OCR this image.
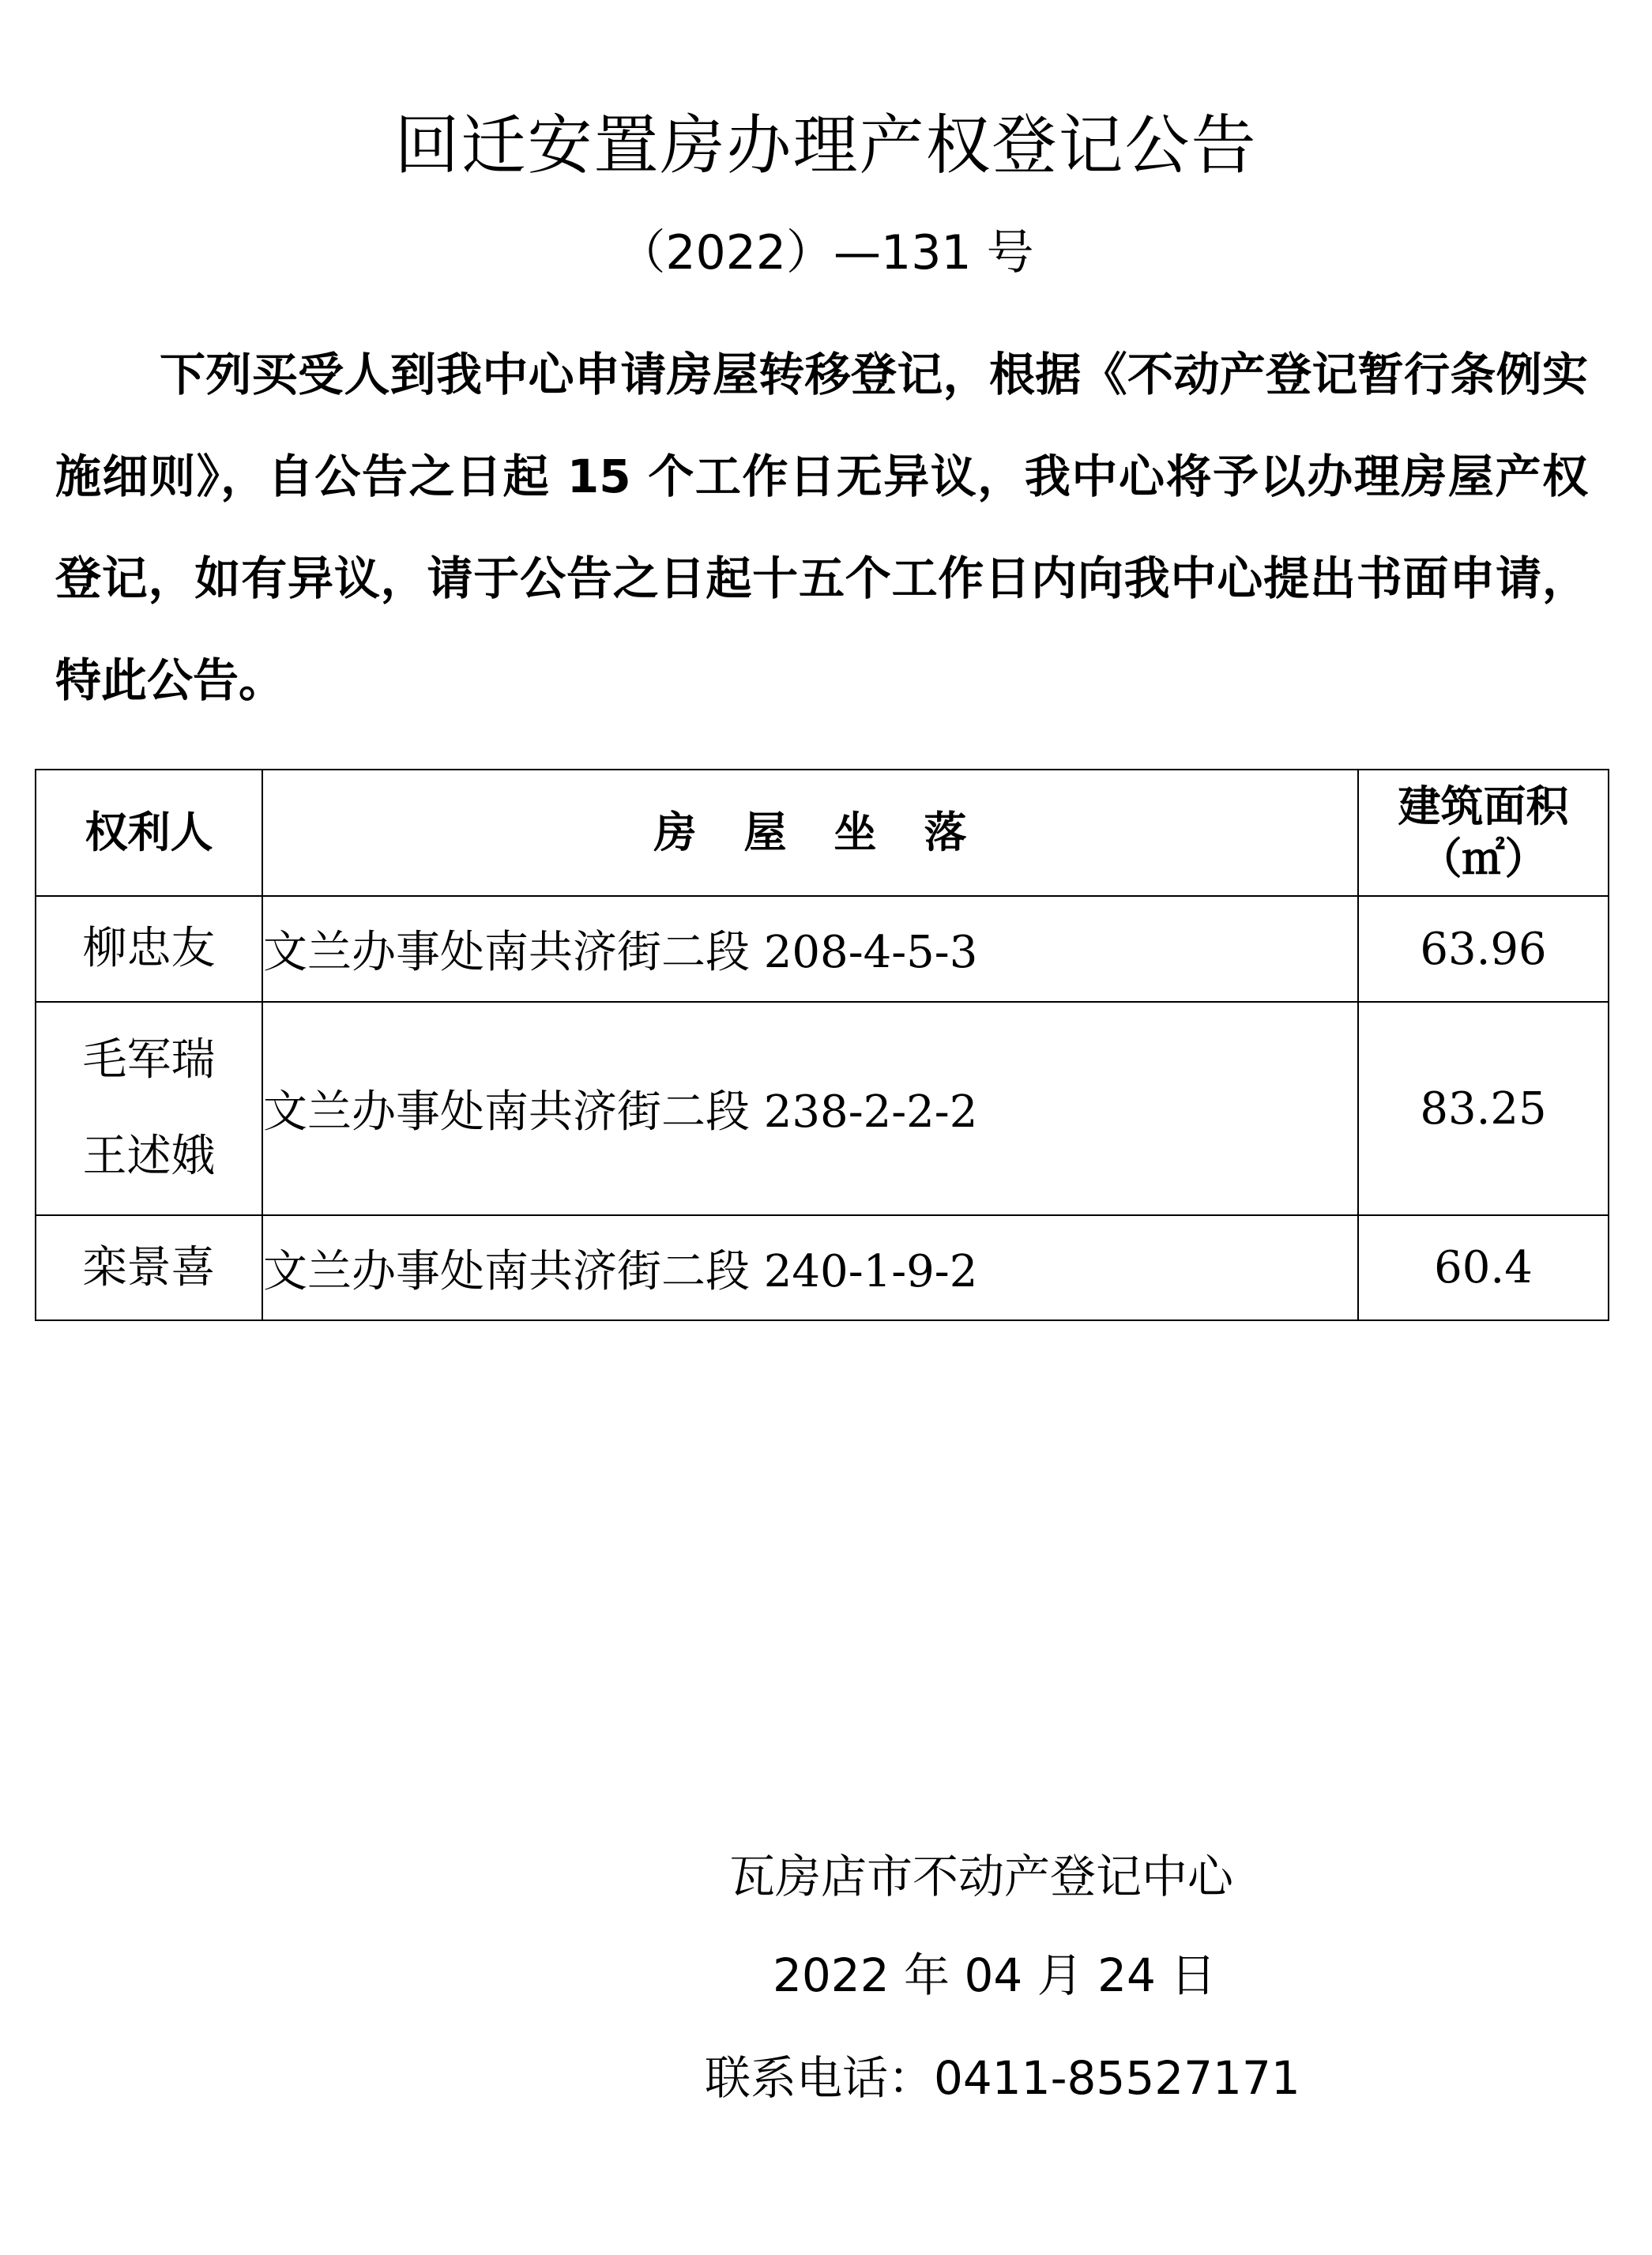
回迁安置房办理产权登记公告
（2022）—131 号

下列买受人到我中心申请房屋转移登记，根据《不动产登记暂行条例实施细则》，自公告之日起 15 个工作日无异议，我中心将予以办理房屋产权登记，如有异议，请于公告之日起十五个工作日内向我中心提出书面申请，特此公告。

权利人	房屋坐落	建筑面积
（㎡）

柳忠友	文兰办事处南共济街二段 208-4-5-3	63.96

毛军瑞
王述娥	文兰办事处南共济街二段 238-2-2-2	83.25

栾景喜	文兰办事处南共济街二段 240-1-9-2	60.4
瓦房店市不动产登记中心
2022 年 04 月 24 日
联系电话：0411-85527171
